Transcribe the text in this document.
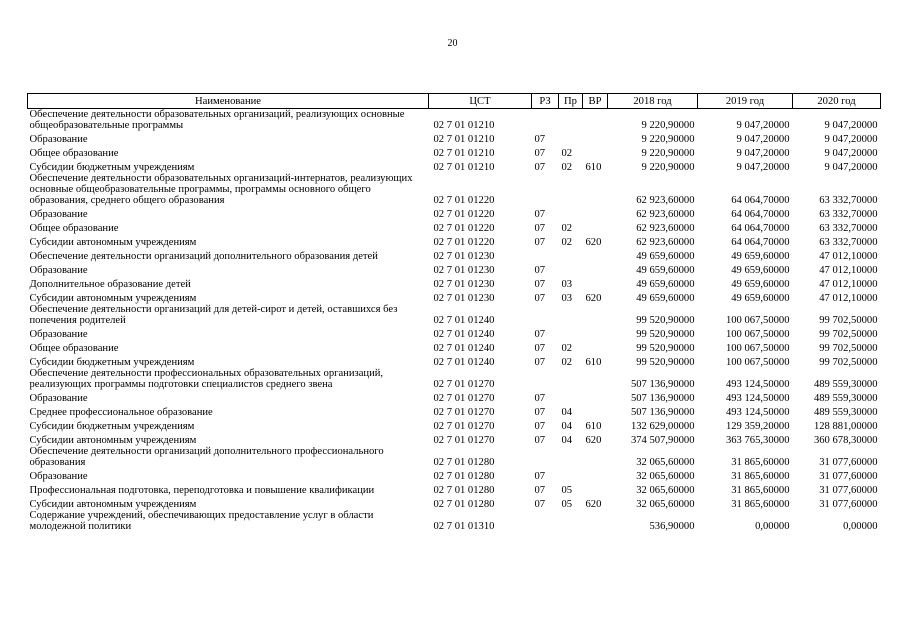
20
Наименование	ЦСТ	РЗ	Пр	ВР	2018 год	2019 год	2020 год
Обеспечение деятельности образовательных организаций, реализующих основные общеобразовательные программы	02 7 01 01210				9 220,90000	9 047,20000	9 047,20000
Образование	02 7 01 01210	07			9 220,90000	9 047,20000	9 047,20000
Общее образование	02 7 01 01210	07	02		9 220,90000	9 047,20000	9 047,20000
Субсидии бюджетным учреждениям	02 7 01 01210	07	02	610	9 220,90000	9 047,20000	9 047,20000
Обеспечение деятельности образовательных организаций-интернатов, реализующих основные общеобразовательные программы, программы основного общего образования, среднего общего образования	02 7 01 01220				62 923,60000	64 064,70000	63 332,70000
Образование	02 7 01 01220	07			62 923,60000	64 064,70000	63 332,70000
Общее образование	02 7 01 01220	07	02		62 923,60000	64 064,70000	63 332,70000
Субсидии автономным учреждениям	02 7 01 01220	07	02	620	62 923,60000	64 064,70000	63 332,70000
Обеспечение деятельности организаций дополнительного образования детей	02 7 01 01230				49 659,60000	49 659,60000	47 012,10000
Образование	02 7 01 01230	07			49 659,60000	49 659,60000	47 012,10000
Дополнительное образование детей	02 7 01 01230	07	03		49 659,60000	49 659,60000	47 012,10000
Субсидии автономным учреждениям	02 7 01 01230	07	03	620	49 659,60000	49 659,60000	47 012,10000
Обеспечение деятельности организаций для детей-сирот и детей, оставшихся без попечения родителей	02 7 01 01240				99 520,90000	100 067,50000	99 702,50000
Образование	02 7 01 01240	07			99 520,90000	100 067,50000	99 702,50000
Общее образование	02 7 01 01240	07	02		99 520,90000	100 067,50000	99 702,50000
Субсидии бюджетным учреждениям	02 7 01 01240	07	02	610	99 520,90000	100 067,50000	99 702,50000
Обеспечение деятельности профессиональных образовательных организаций, реализующих программы подготовки специалистов среднего звена	02 7 01 01270				507 136,90000	493 124,50000	489 559,30000
Образование	02 7 01 01270	07			507 136,90000	493 124,50000	489 559,30000
Среднее профессиональное образование	02 7 01 01270	07	04		507 136,90000	493 124,50000	489 559,30000
Субсидии бюджетным учреждениям	02 7 01 01270	07	04	610	132 629,00000	129 359,20000	128 881,00000
Субсидии автономным учреждениям	02 7 01 01270	07	04	620	374 507,90000	363 765,30000	360 678,30000
Обеспечение деятельности организаций дополнительного профессионального образования	02 7 01 01280				32 065,60000	31 865,60000	31 077,60000
Образование	02 7 01 01280	07			32 065,60000	31 865,60000	31 077,60000
Профессиональная подготовка, переподготовка и повышение квалификации	02 7 01 01280	07	05		32 065,60000	31 865,60000	31 077,60000
Субсидии автономным учреждениям	02 7 01 01280	07	05	620	32 065,60000	31 865,60000	31 077,60000
Содержание учреждений, обеспечивающих предоставление услуг в области молодежной политики	02 7 01 01310				536,90000	0,00000	0,00000
